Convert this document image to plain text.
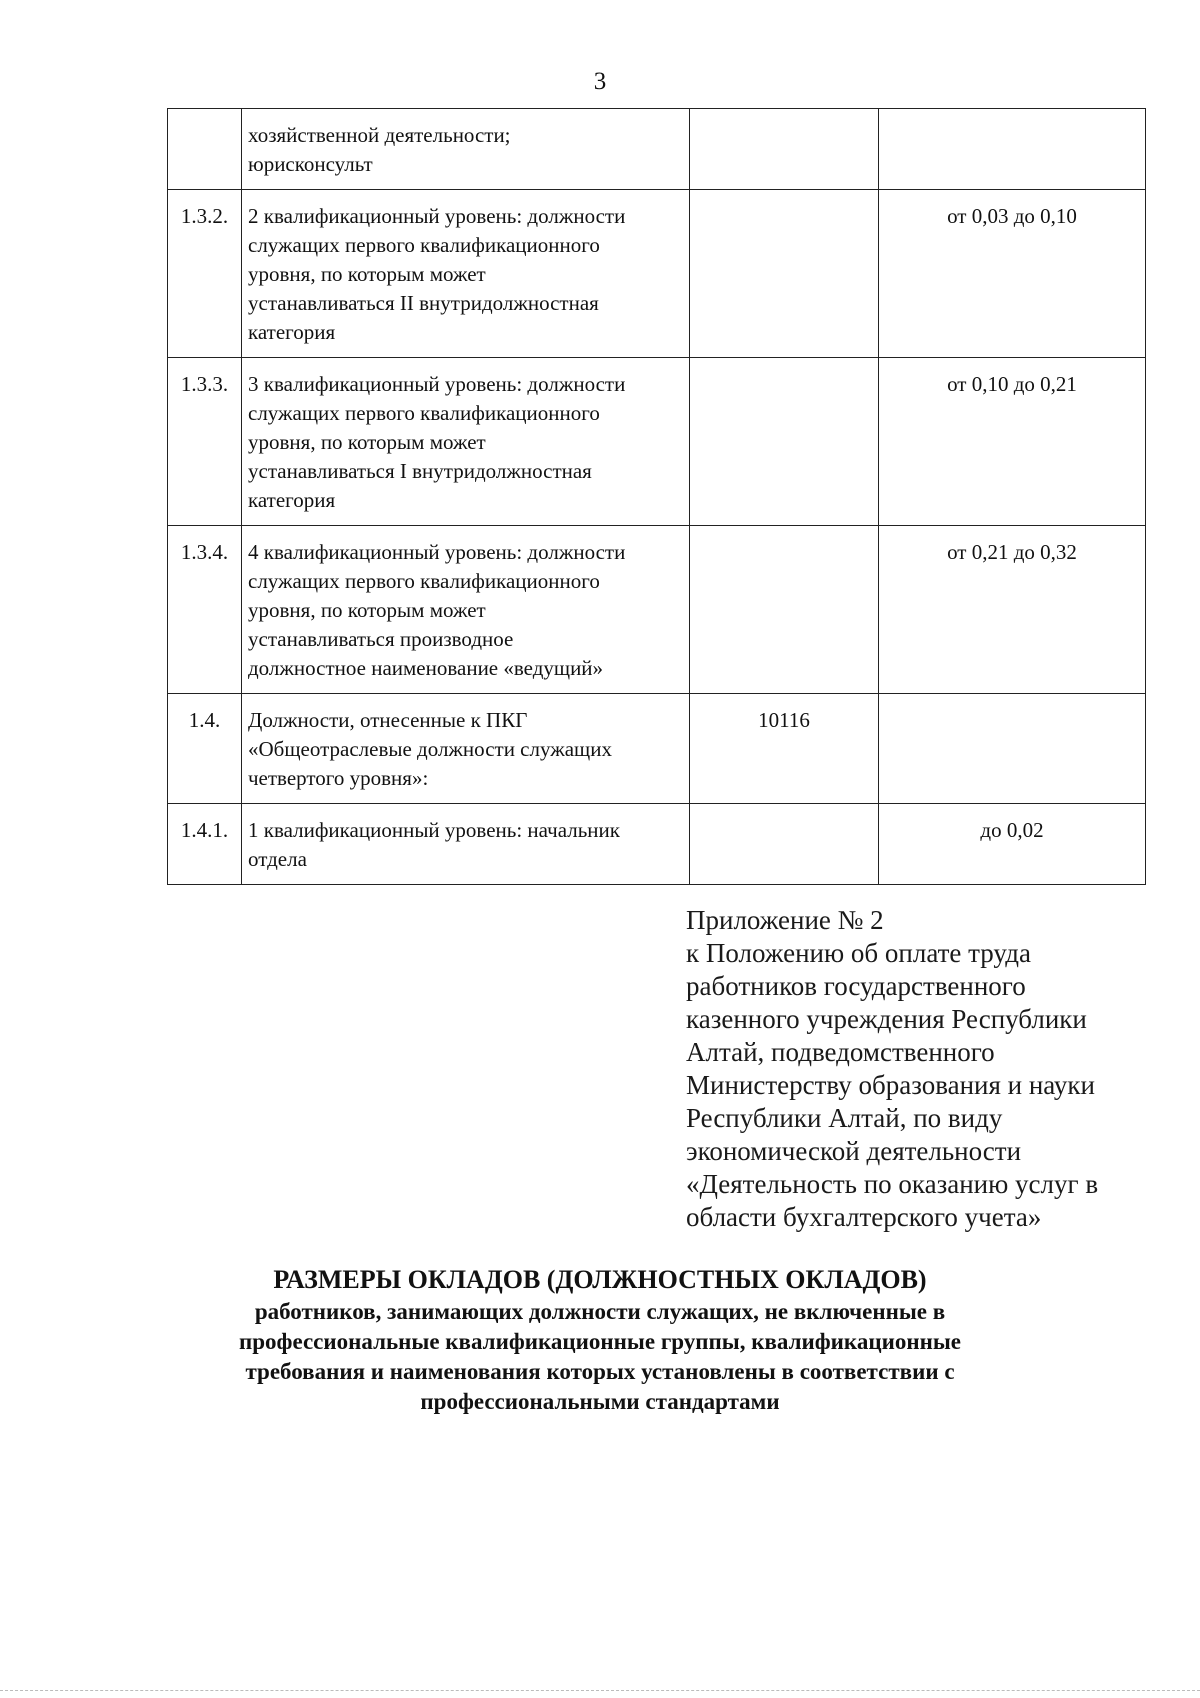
3

	хозяйственной деятельности;
юрисконсульт		

1.3.2.	2 квалификационный уровень: должности
служащих первого квалификационного
уровня, по которым может
устанавливаться II внутридолжностная
категория		от 0,03 до 0,10
1.3.3.	3 квалификационный уровень: должности
служащих первого квалификационного
уровня, по которым может
устанавливаться I внутридолжностная
категория		от 0,10 до 0,21
1.3.4.	4 квалификационный уровень: должности
служащих первого квалификационного
уровня, по которым может
устанавливаться производное
должностное наименование «ведущий»		от 0,21 до 0,32
1.4.	Должности, отнесенные к ПКГ
«Общеотраслевые должности служащих
четвертого уровня»:	10116	
1.4.1.	1 квалификационный уровень: начальник
отдела		до 0,02
Приложение № 2
к Положению об оплате труда
работников государственного
казенного учреждения Республики
Алтай, подведомственного
Министерству образования и науки
Республики Алтай, по виду
экономической деятельности
«Деятельность по оказанию услуг в
области бухгалтерского учета»
РАЗМЕРЫ ОКЛАДОВ (ДОЛЖНОСТНЫХ ОКЛАДОВ)
работников, занимающих должности служащих, не включенные в
профессиональные квалификационные группы, квалификационные
требования и наименования которых установлены в соответствии с
профессиональными стандартами
